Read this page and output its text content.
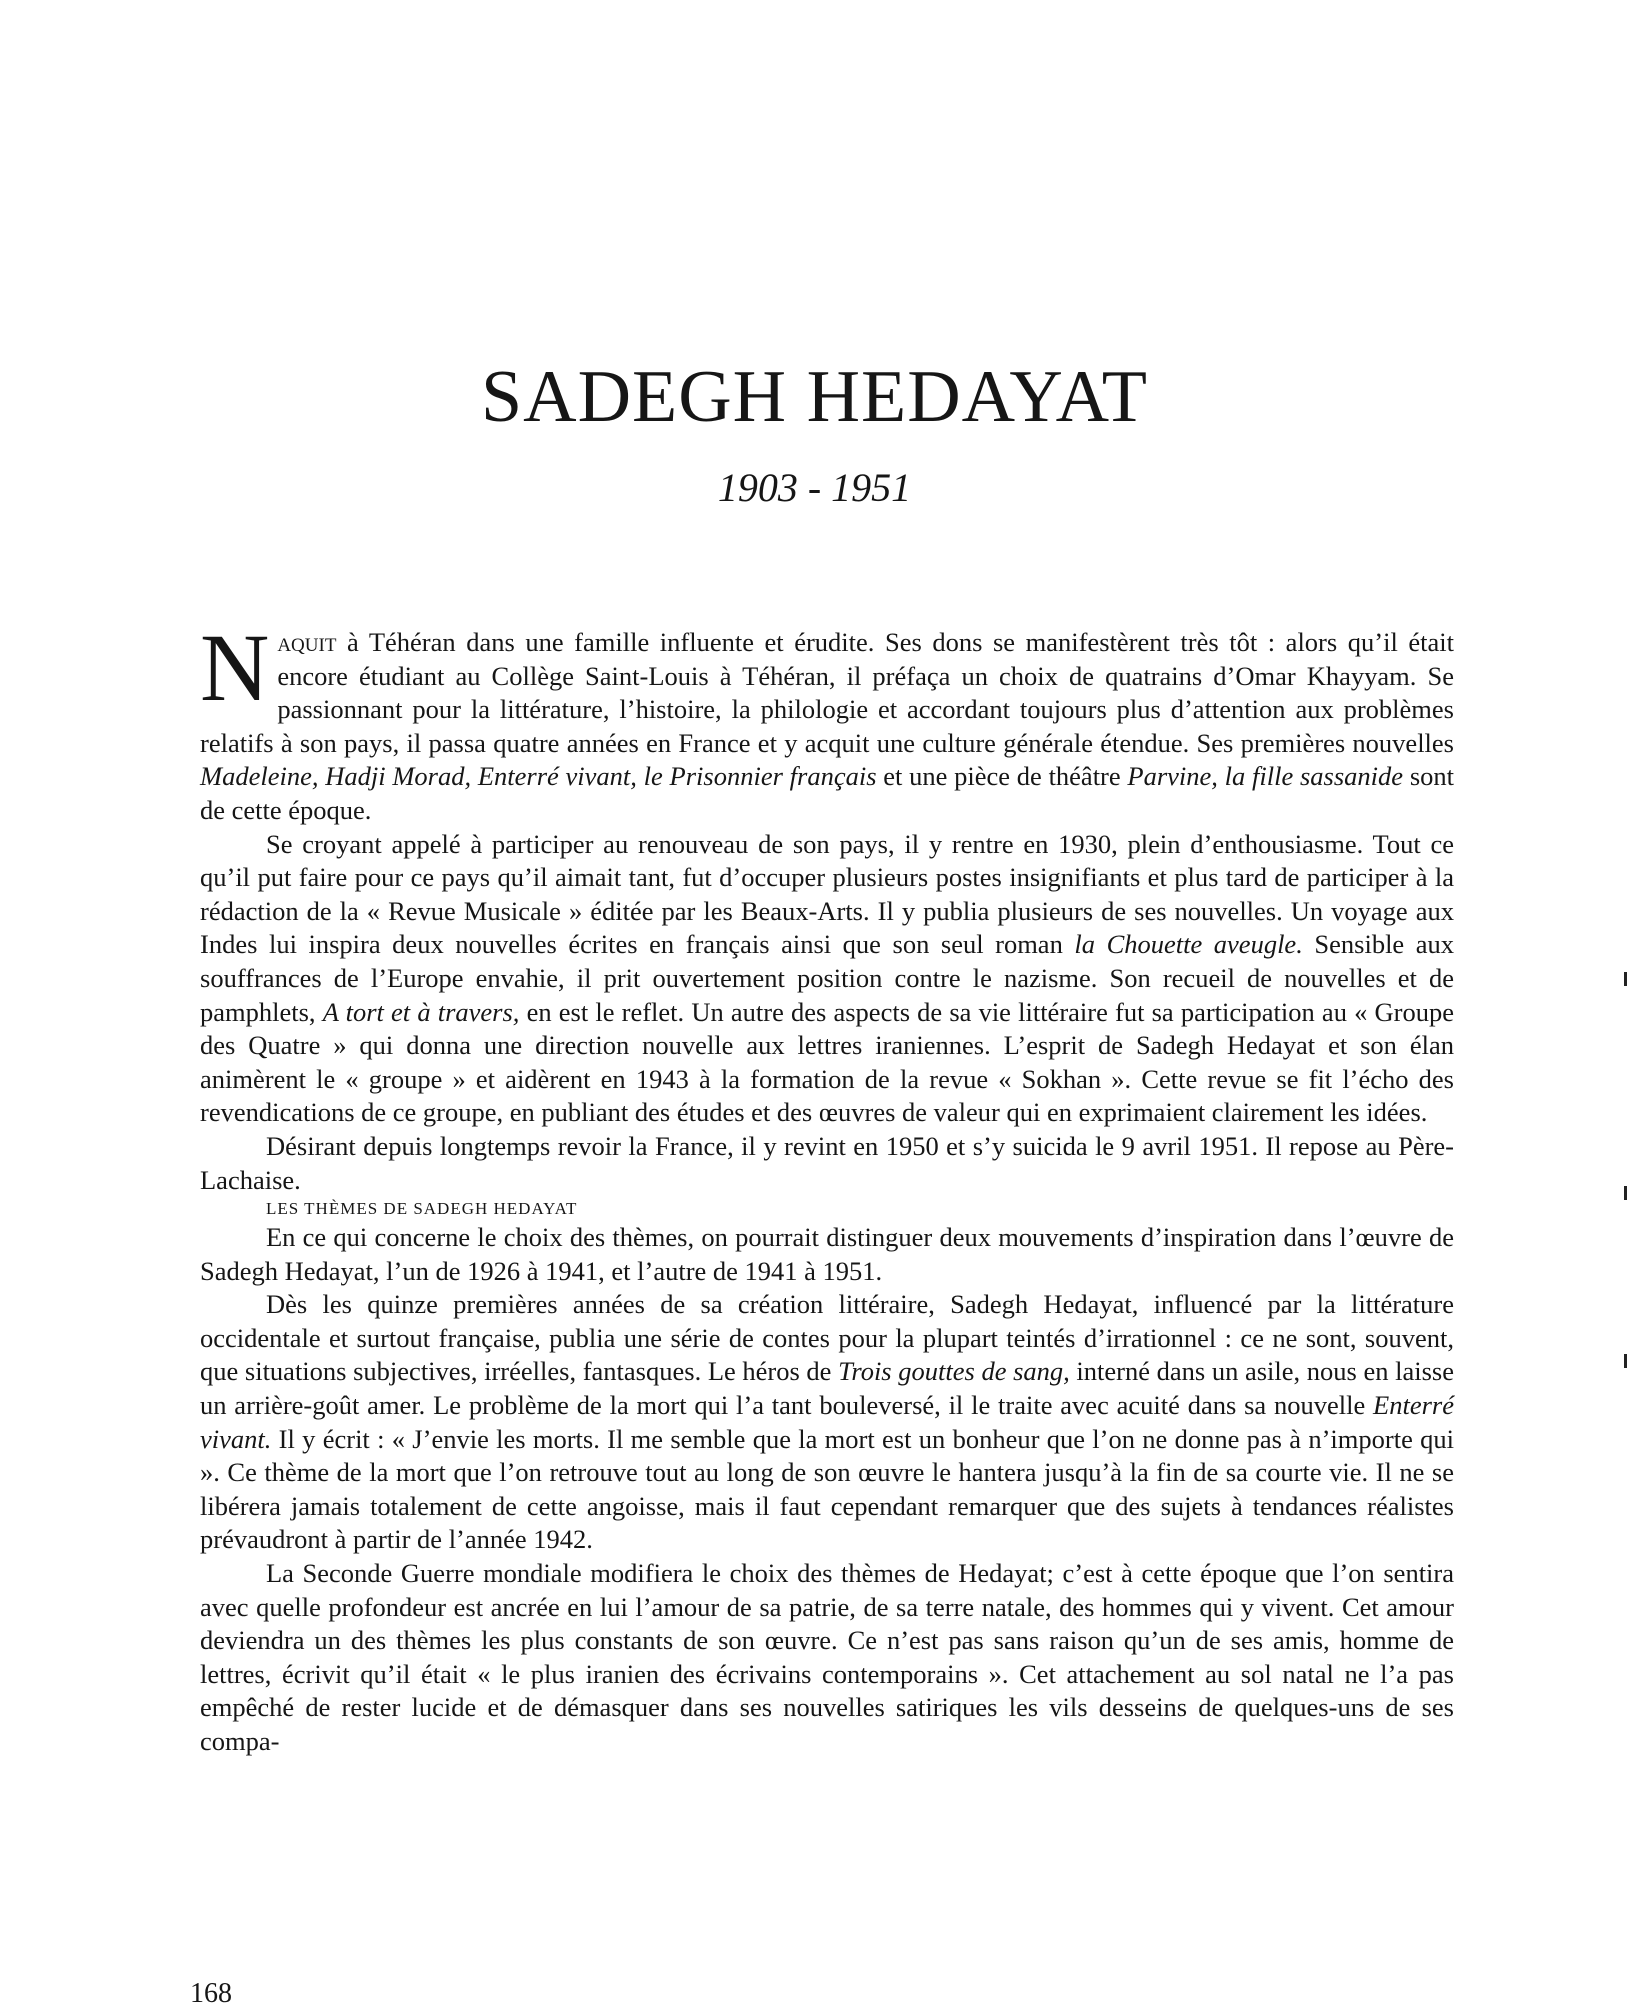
SADEGH HEDAYAT
1903 - 1951

Naquit à Téhéran dans une famille influente et érudite. Ses dons se manifestèrent très tôt : alors qu’il était encore étudiant au Collège Saint-Louis à Téhéran, il préfaça un choix de quatrains d’Omar Khayyam. Se passionnant pour la littérature, l’histoire, la philologie et accordant toujours plus d’attention aux problèmes relatifs à son pays, il passa quatre années en France et y acquit une culture générale étendue. Ses premières nouvelles Madeleine, Hadji Morad, Enterré vivant, le Prisonnier français et une pièce de théâtre Parvine, la fille sassanide sont de cette époque.

Se croyant appelé à participer au renouveau de son pays, il y rentre en 1930, plein d’enthousiasme. Tout ce qu’il put faire pour ce pays qu’il aimait tant, fut d’occuper plusieurs postes insignifiants et plus tard de participer à la rédaction de la « Revue Musicale » éditée par les Beaux-Arts. Il y publia plusieurs de ses nouvelles. Un voyage aux Indes lui inspira deux nouvelles écrites en français ainsi que son seul roman la Chouette aveugle. Sensible aux souffrances de l’Europe envahie, il prit ouvertement position contre le nazisme. Son recueil de nouvelles et de pamphlets, A tort et à travers, en est le reflet. Un autre des aspects de sa vie littéraire fut sa participation au « Groupe des Quatre » qui donna une direction nouvelle aux lettres iraniennes. L’esprit de Sadegh Hedayat et son élan animèrent le « groupe » et aidèrent en 1943 à la formation de la revue « Sokhan ». Cette revue se fit l’écho des revendications de ce groupe, en publiant des études et des œuvres de valeur qui en exprimaient clairement les idées.

Désirant depuis longtemps revoir la France, il y revint en 1950 et s’y suicida le 9 avril 1951. Il repose au Père-Lachaise.

LES THÈMES DE SADEGH HEDAYAT

En ce qui concerne le choix des thèmes, on pourrait distinguer deux mouvements d’inspiration dans l’œuvre de Sadegh Hedayat, l’un de 1926 à 1941, et l’autre de 1941 à 1951.

Dès les quinze premières années de sa création littéraire, Sadegh Hedayat, influencé par la littérature occidentale et surtout française, publia une série de contes pour la plupart teintés d’irrationnel : ce ne sont, souvent, que situations subjectives, irréelles, fantasques. Le héros de Trois gouttes de sang, interné dans un asile, nous en laisse un arrière-goût amer. Le problème de la mort qui l’a tant bouleversé, il le traite avec acuité dans sa nouvelle Enterré vivant. Il y écrit : « J’envie les morts. Il me semble que la mort est un bonheur que l’on ne donne pas à n’importe qui ». Ce thème de la mort que l’on retrouve tout au long de son œuvre le hantera jusqu’à la fin de sa courte vie. Il ne se libérera jamais totalement de cette angoisse, mais il faut cependant remarquer que des sujets à tendances réalistes prévaudront à partir de l’année 1942.

La Seconde Guerre mondiale modifiera le choix des thèmes de Hedayat; c’est à cette époque que l’on sentira avec quelle profondeur est ancrée en lui l’amour de sa patrie, de sa terre natale, des hommes qui y vivent. Cet amour deviendra un des thèmes les plus constants de son œuvre. Ce n’est pas sans raison qu’un de ses amis, homme de lettres, écrivit qu’il était « le plus iranien des écrivains contemporains ». Cet attachement au sol natal ne l’a pas empêché de rester lucide et de démasquer dans ses nouvelles satiriques les vils desseins de quelques-uns de ses compa-

168
